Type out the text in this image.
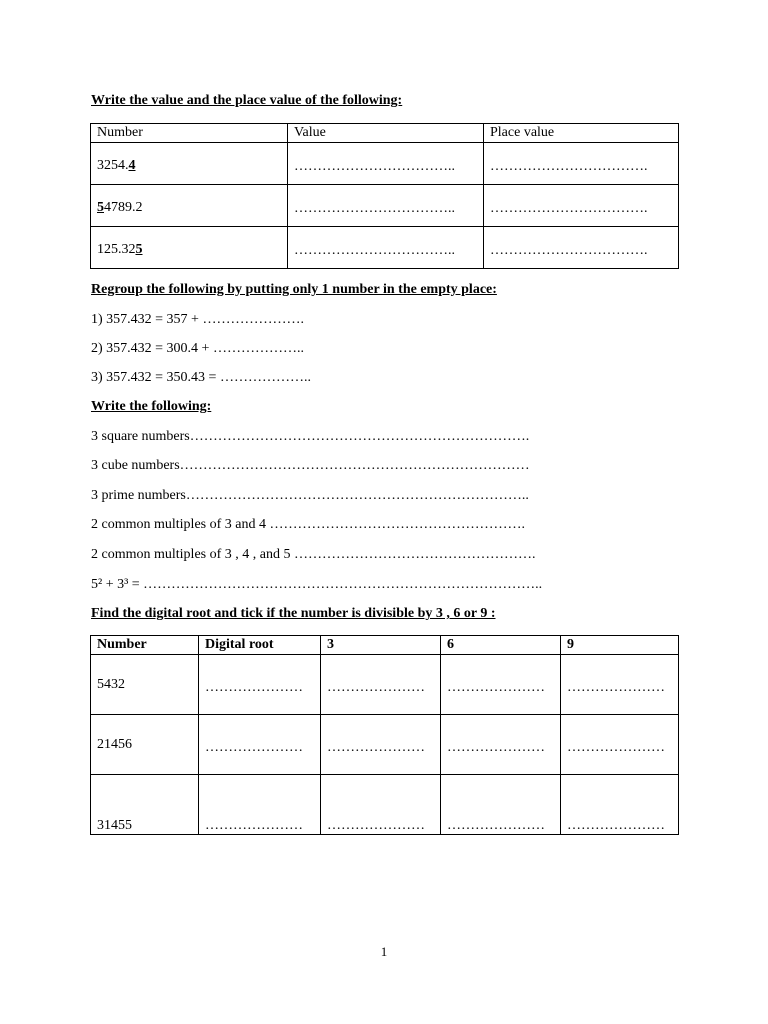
Write the value and the place value of the following:
Number	Value	Place value
3254.4	……………………………..	…………………………….
54789.2	……………………………..	…………………………….
125.325	……………………………..	…………………………….
Regroup the following by putting only 1 number in the empty place:
1) 357.432 = 357 + ………………….
2) 357.432 = 300.4 + ………………..
3) 357.432 = 350.43 = ………………..
Write the following:
3 square numbers……………………………………………………………….
3 cube numbers…………………………………………………………………
3 prime numbers………………………………………………………………..
2 common multiples of 3 and 4 ……………………………………………….
2 common multiples of 3 , 4 , and 5 …………………………………………….
5² + 3³ = …………………………………………………………………………..
Find the digital root and tick if the number is divisible by 3 , 6 or 9 :
Number	Digital root	3	6	9
5432	…………………	…………………	…………………	…………………
21456	…………………	…………………	…………………	…………………
31455	…………………	…………………	…………………	…………………
1
